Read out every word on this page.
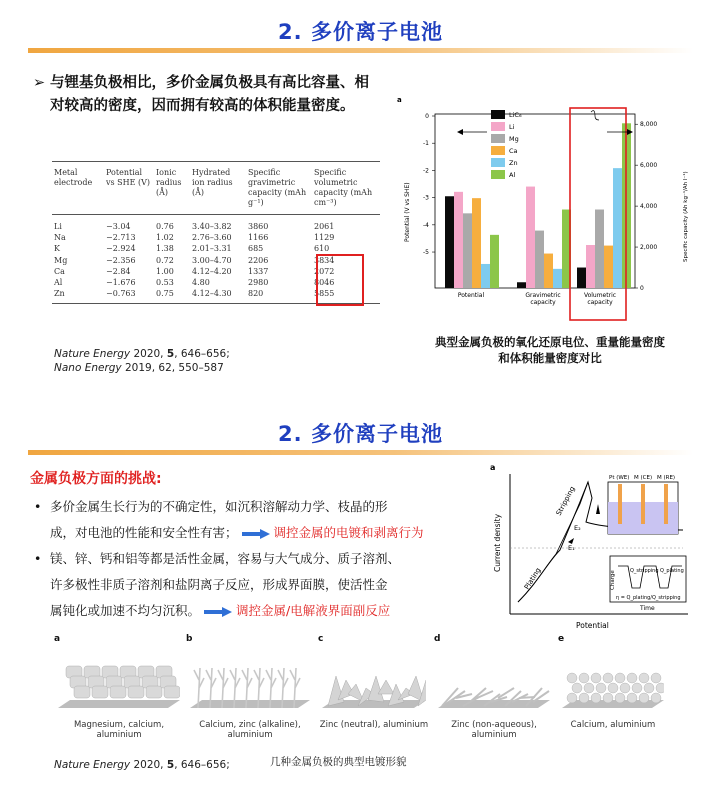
2. 多价离子电池
➢ 与锂基负极相比，多价金属负极具有高比容量、相对较高的密度，因而拥有较高的体积能量密度。
Metal electrode	Potential vs SHE (V)	Ionic radius (Å)	Hydrated ion radius (Å)	Specific gravimetric capacity (mAh g⁻¹)	Specific volumetric capacity (mAh cm⁻³)
Li	−3.04	0.76	3.40–3.82	3860	2061
Na	−2.713	1.02	2.76–3.60	1166	1129
K	−2.924	1.38	2.01–3.31	685	610
Mg	−2.356	0.72	3.00–4.70	2206	3834
Ca	−2.84	1.00	4.12–4.20	1337	2072
Al	−1.676	0.53	4.80	2980	8046
Zn	−0.763	0.75	4.12–4.30	820	5855
Nature Energy 2020, 5, 646–656;
Nano Energy 2019, 62, 550–587
a
-5
-4
-3
-2
-1
0
Potential (V vs SHE)
0
2,000
4,000
6,000
8,000
Specific capacity (Ah kg⁻¹/Ah l⁻¹)
Potential	Gravimetric capacity
Volumetric capacity
LiC₆
Li
Mg
Ca
Zn
Al
典型金属负极的氧化还原电位、重量能量密度和体积能量密度对比
2. 多价离子电池
金属负极方面的挑战:
• 多价金属生长行为的不确定性，如沉积溶解动力学、枝晶的形
成，对电池的性能和安全性有害；	调控金属的电镀和剥离行为
• 镁、锌、钙和铝等都是活性金属，容易与大气成分、质子溶剂、
许多极性非质子溶剂和盐阴离子反应，形成界面膜，使活性金
属钝化或加速不均匀沉积。	调控金属/电解液界面副反应
a
Current density
Potential
Stripping
Plating
E₁
E₂
Pt (WE) M (CE) M (RE)
Charge	Q_stripping Q_plating
η = Q_plating/Q_stripping
Time
a
Magnesium, calcium, aluminium
b
Calcium, zinc (alkaline), aluminium
c
Zinc (neutral), aluminium
d
Zinc (non-aqueous), aluminium
e
Calcium, aluminium
几种金属负极的典型电镀形貌
Nature Energy 2020, 5, 646–656;
